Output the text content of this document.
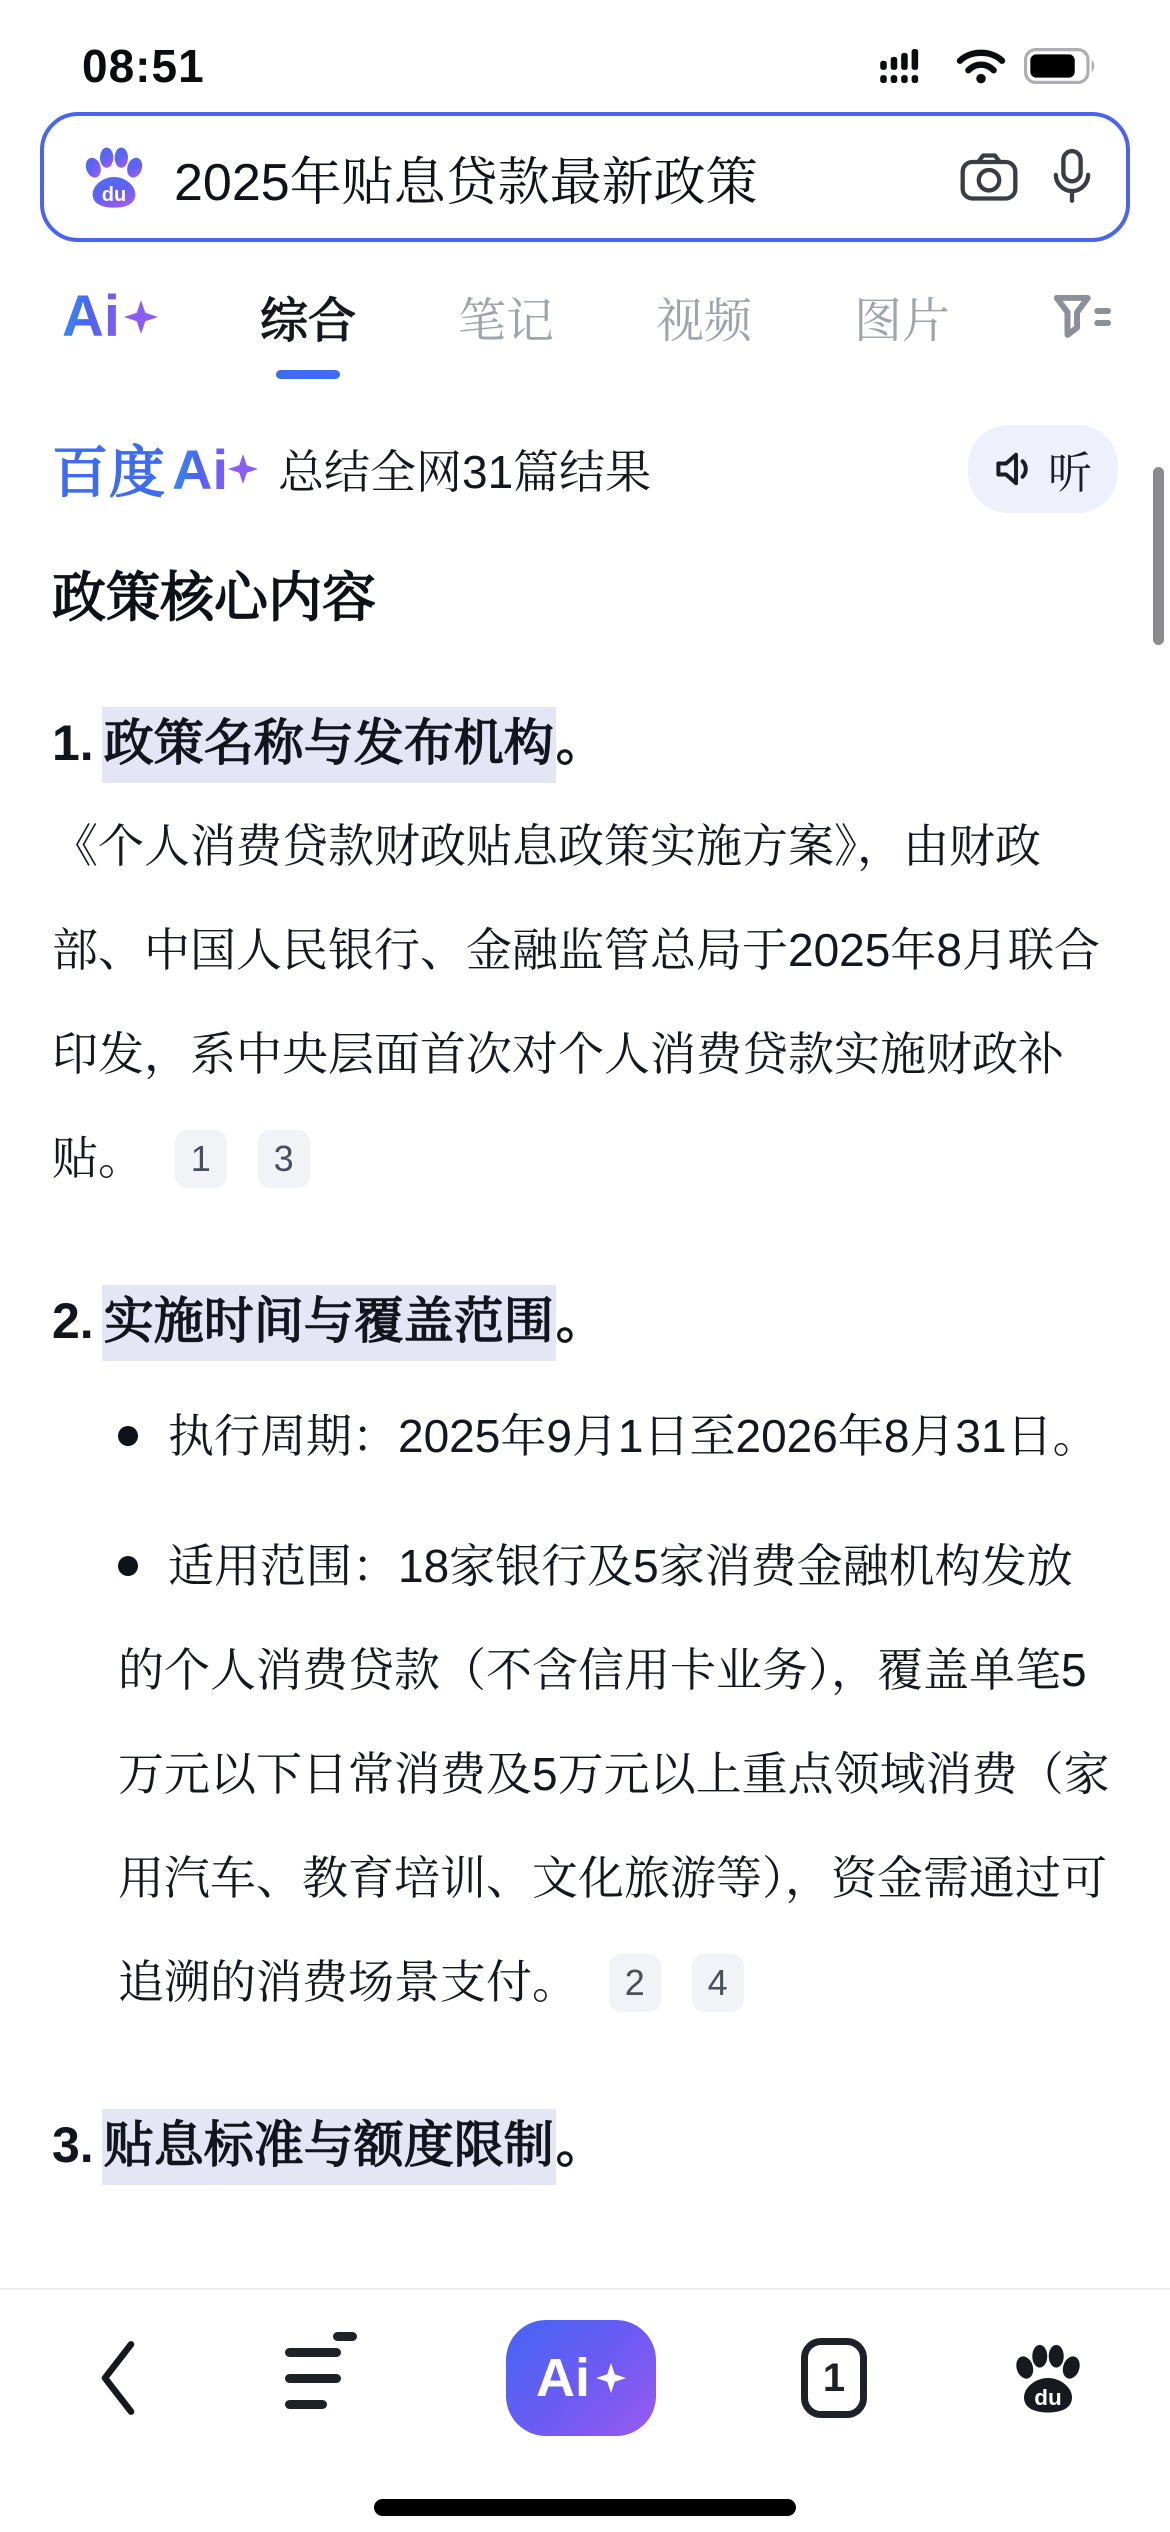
08:51
du 2025年贴息贷款最新政策
Ai	综合 笔记 视频 图片
百度 Ai 总结全网31篇结果	听
政策核心内容
1. 政策名称与发布机构。
《个人消费贷款财政贴息政策实施方案》，由财政部、中国人民银行、金融监管总局于2025年8月联合印发，系中央层面首次对个人消费贷款实施财政补贴。 1 3
2. 实施时间与覆盖范围。
执行周期：2025年9月1日至2026年8月31日。
适用范围：18家银行及5家消费金融机构发放的个人消费贷款（不含信用卡业务），覆盖单笔5万元以下日常消费及5万元以上重点领域消费（家用汽车、教育培训、文化旅游等），资金需通过可追溯的消费场景支付。 2 4
3. 贴息标准与额度限制。
Ai	1	du
